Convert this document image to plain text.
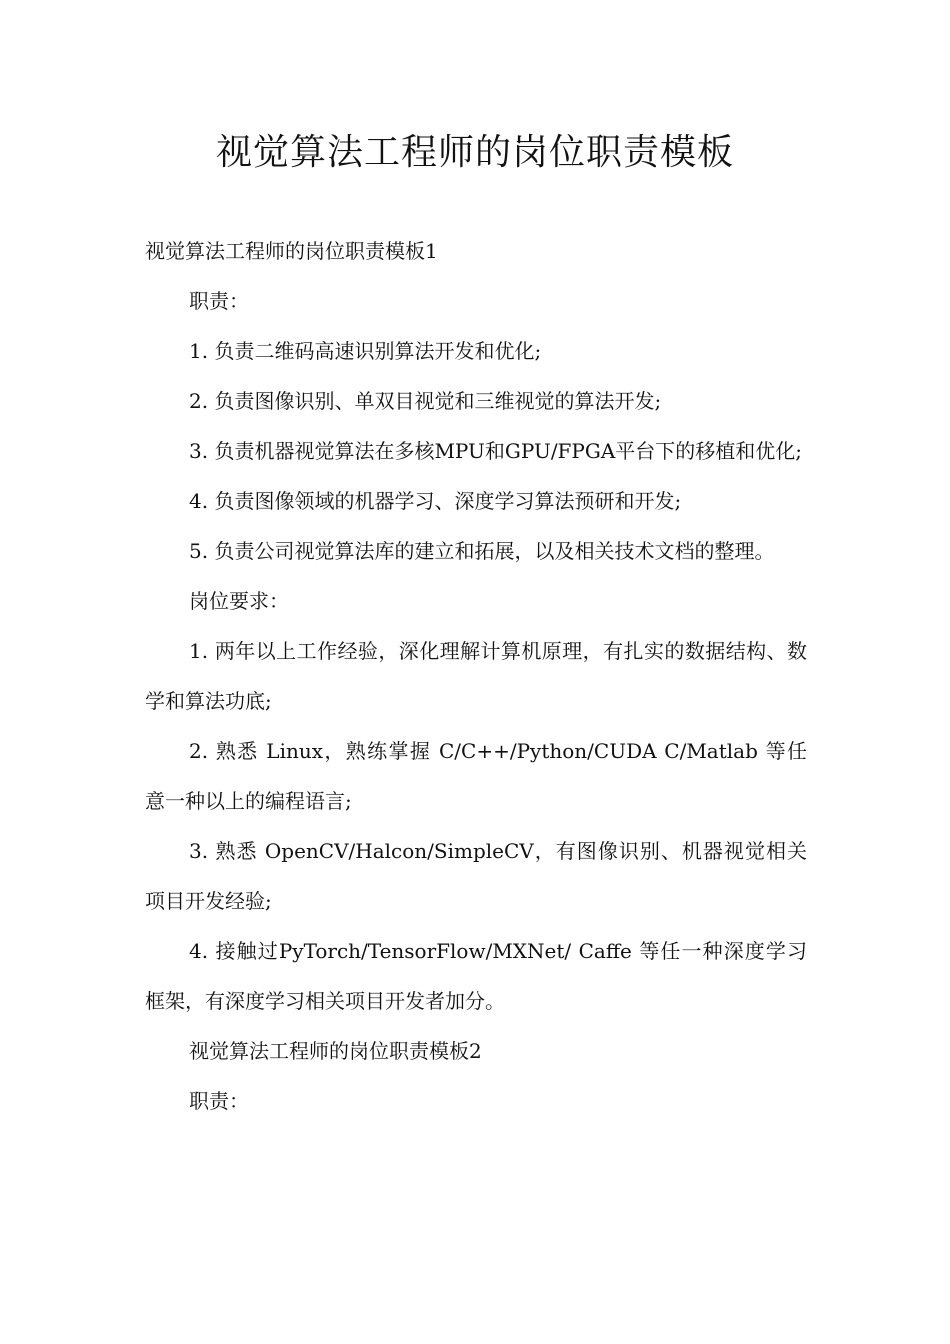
视觉算法工程师的岗位职责模板

视觉算法工程师的岗位职责模板1

职责：

1. 负责二维码高速识别算法开发和优化;

2. 负责图像识别、单双目视觉和三维视觉的算法开发;

3. 负责机器视觉算法在多核MPU和GPU/FPGA平台下的移植和优化;

4. 负责图像领域的机器学习、深度学习算法预研和开发;

5. 负责公司视觉算法库的建立和拓展，以及相关技术文档的整理。

岗位要求：

1. 两年以上工作经验，深化理解计算机原理，有扎实的数据结构、数学和算法功底;

2. 熟悉 Linux，熟练掌握 C/C++/Python/CUDA C/Matlab 等任意一种以上的编程语言;

3. 熟悉 OpenCV/Halcon/SimpleCV，有图像识别、机器视觉相关项目开发经验;

4. 接触过PyTorch/TensorFlow/MXNet/ Caffe 等任一种深度学习框架，有深度学习相关项目开发者加分。

视觉算法工程师的岗位职责模板2

职责：
